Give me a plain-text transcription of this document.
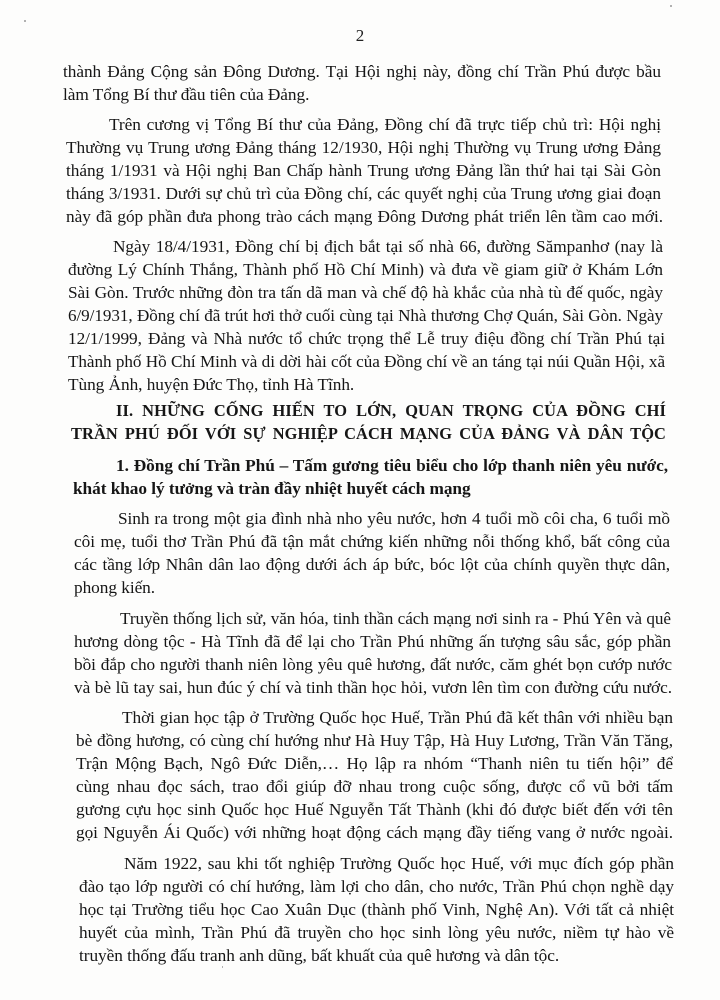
2
thành Đảng Cộng sản Đông Dương. Tại Hội nghị này, đồng chí Trần Phú được bầu
làm Tổng Bí thư đầu tiên của Đảng.
Trên cương vị Tổng Bí thư của Đảng, Đồng chí đã trực tiếp chủ trì: Hội nghị
Thường vụ Trung ương Đảng tháng 12/1930, Hội nghị Thường vụ Trung ương Đảng
tháng 1/1931 và Hội nghị Ban Chấp hành Trung ương Đảng lần thứ hai tại Sài Gòn
tháng 3/1931. Dưới sự chủ trì của Đồng chí, các quyết nghị của Trung ương giai đoạn
này đã góp phần đưa phong trào cách mạng Đông Dương phát triển lên tầm cao mới.
Ngày 18/4/1931, Đồng chí bị địch bắt tại số nhà 66, đường Sămpanhơ (nay là
đường Lý Chính Thắng, Thành phố Hồ Chí Minh) và đưa về giam giữ ở Khám Lớn
Sài Gòn. Trước những đòn tra tấn dã man và chế độ hà khắc của nhà tù đế quốc, ngày
6/9/1931, Đồng chí đã trút hơi thở cuối cùng tại Nhà thương Chợ Quán, Sài Gòn. Ngày
12/1/1999, Đảng và Nhà nước tổ chức trọng thể Lễ truy điệu đồng chí Trần Phú tại
Thành phố Hồ Chí Minh và di dời hài cốt của Đồng chí về an táng tại núi Quần Hội, xã
Tùng Ảnh, huyện Đức Thọ, tỉnh Hà Tĩnh.
II. NHỮNG CỐNG HIẾN TO LỚN, QUAN TRỌNG CỦA ĐỒNG CHÍ
TRẦN PHÚ ĐỐI VỚI SỰ NGHIỆP CÁCH MẠNG CỦA ĐẢNG VÀ DÂN TỘC
1. Đồng chí Trần Phú – Tấm gương tiêu biểu cho lớp thanh niên yêu nước,
khát khao lý tưởng và tràn đầy nhiệt huyết cách mạng
Sinh ra trong một gia đình nhà nho yêu nước, hơn 4 tuổi mồ côi cha, 6 tuổi mồ
côi mẹ, tuổi thơ Trần Phú đã tận mắt chứng kiến những nỗi thống khổ, bất công của
các tầng lớp Nhân dân lao động dưới ách áp bức, bóc lột của chính quyền thực dân,
phong kiến.
Truyền thống lịch sử, văn hóa, tinh thần cách mạng nơi sinh ra - Phú Yên và quê
hương dòng tộc - Hà Tĩnh đã để lại cho Trần Phú những ấn tượng sâu sắc, góp phần
bồi đắp cho người thanh niên lòng yêu quê hương, đất nước, căm ghét bọn cướp nước
và bè lũ tay sai, hun đúc ý chí và tinh thần học hỏi, vươn lên tìm con đường cứu nước.
Thời gian học tập ở Trường Quốc học Huế, Trần Phú đã kết thân với nhiều bạn
bè đồng hương, có cùng chí hướng như Hà Huy Tập, Hà Huy Lương, Trần Văn Tăng,
Trận Mộng Bạch, Ngô Đức Diễn,… Họ lập ra nhóm “Thanh niên tu tiến hội” để
cùng nhau đọc sách, trao đổi giúp đỡ nhau trong cuộc sống, được cổ vũ bởi tấm
gương cựu học sinh Quốc học Huế Nguyễn Tất Thành (khi đó được biết đến với tên
gọi Nguyễn Ái Quốc) với những hoạt động cách mạng đầy tiếng vang ở nước ngoài.
Năm 1922, sau khi tốt nghiệp Trường Quốc học Huế, với mục đích góp phần
đào tạo lớp người có chí hướng, làm lợi cho dân, cho nước, Trần Phú chọn nghề dạy
học tại Trường tiểu học Cao Xuân Dục (thành phố Vinh, Nghệ An). Với tất cả nhiệt
huyết của mình, Trần Phú đã truyền cho học sinh lòng yêu nước, niềm tự hào về
truyền thống đấu tranh anh dũng, bất khuất của quê hương và dân tộc.
